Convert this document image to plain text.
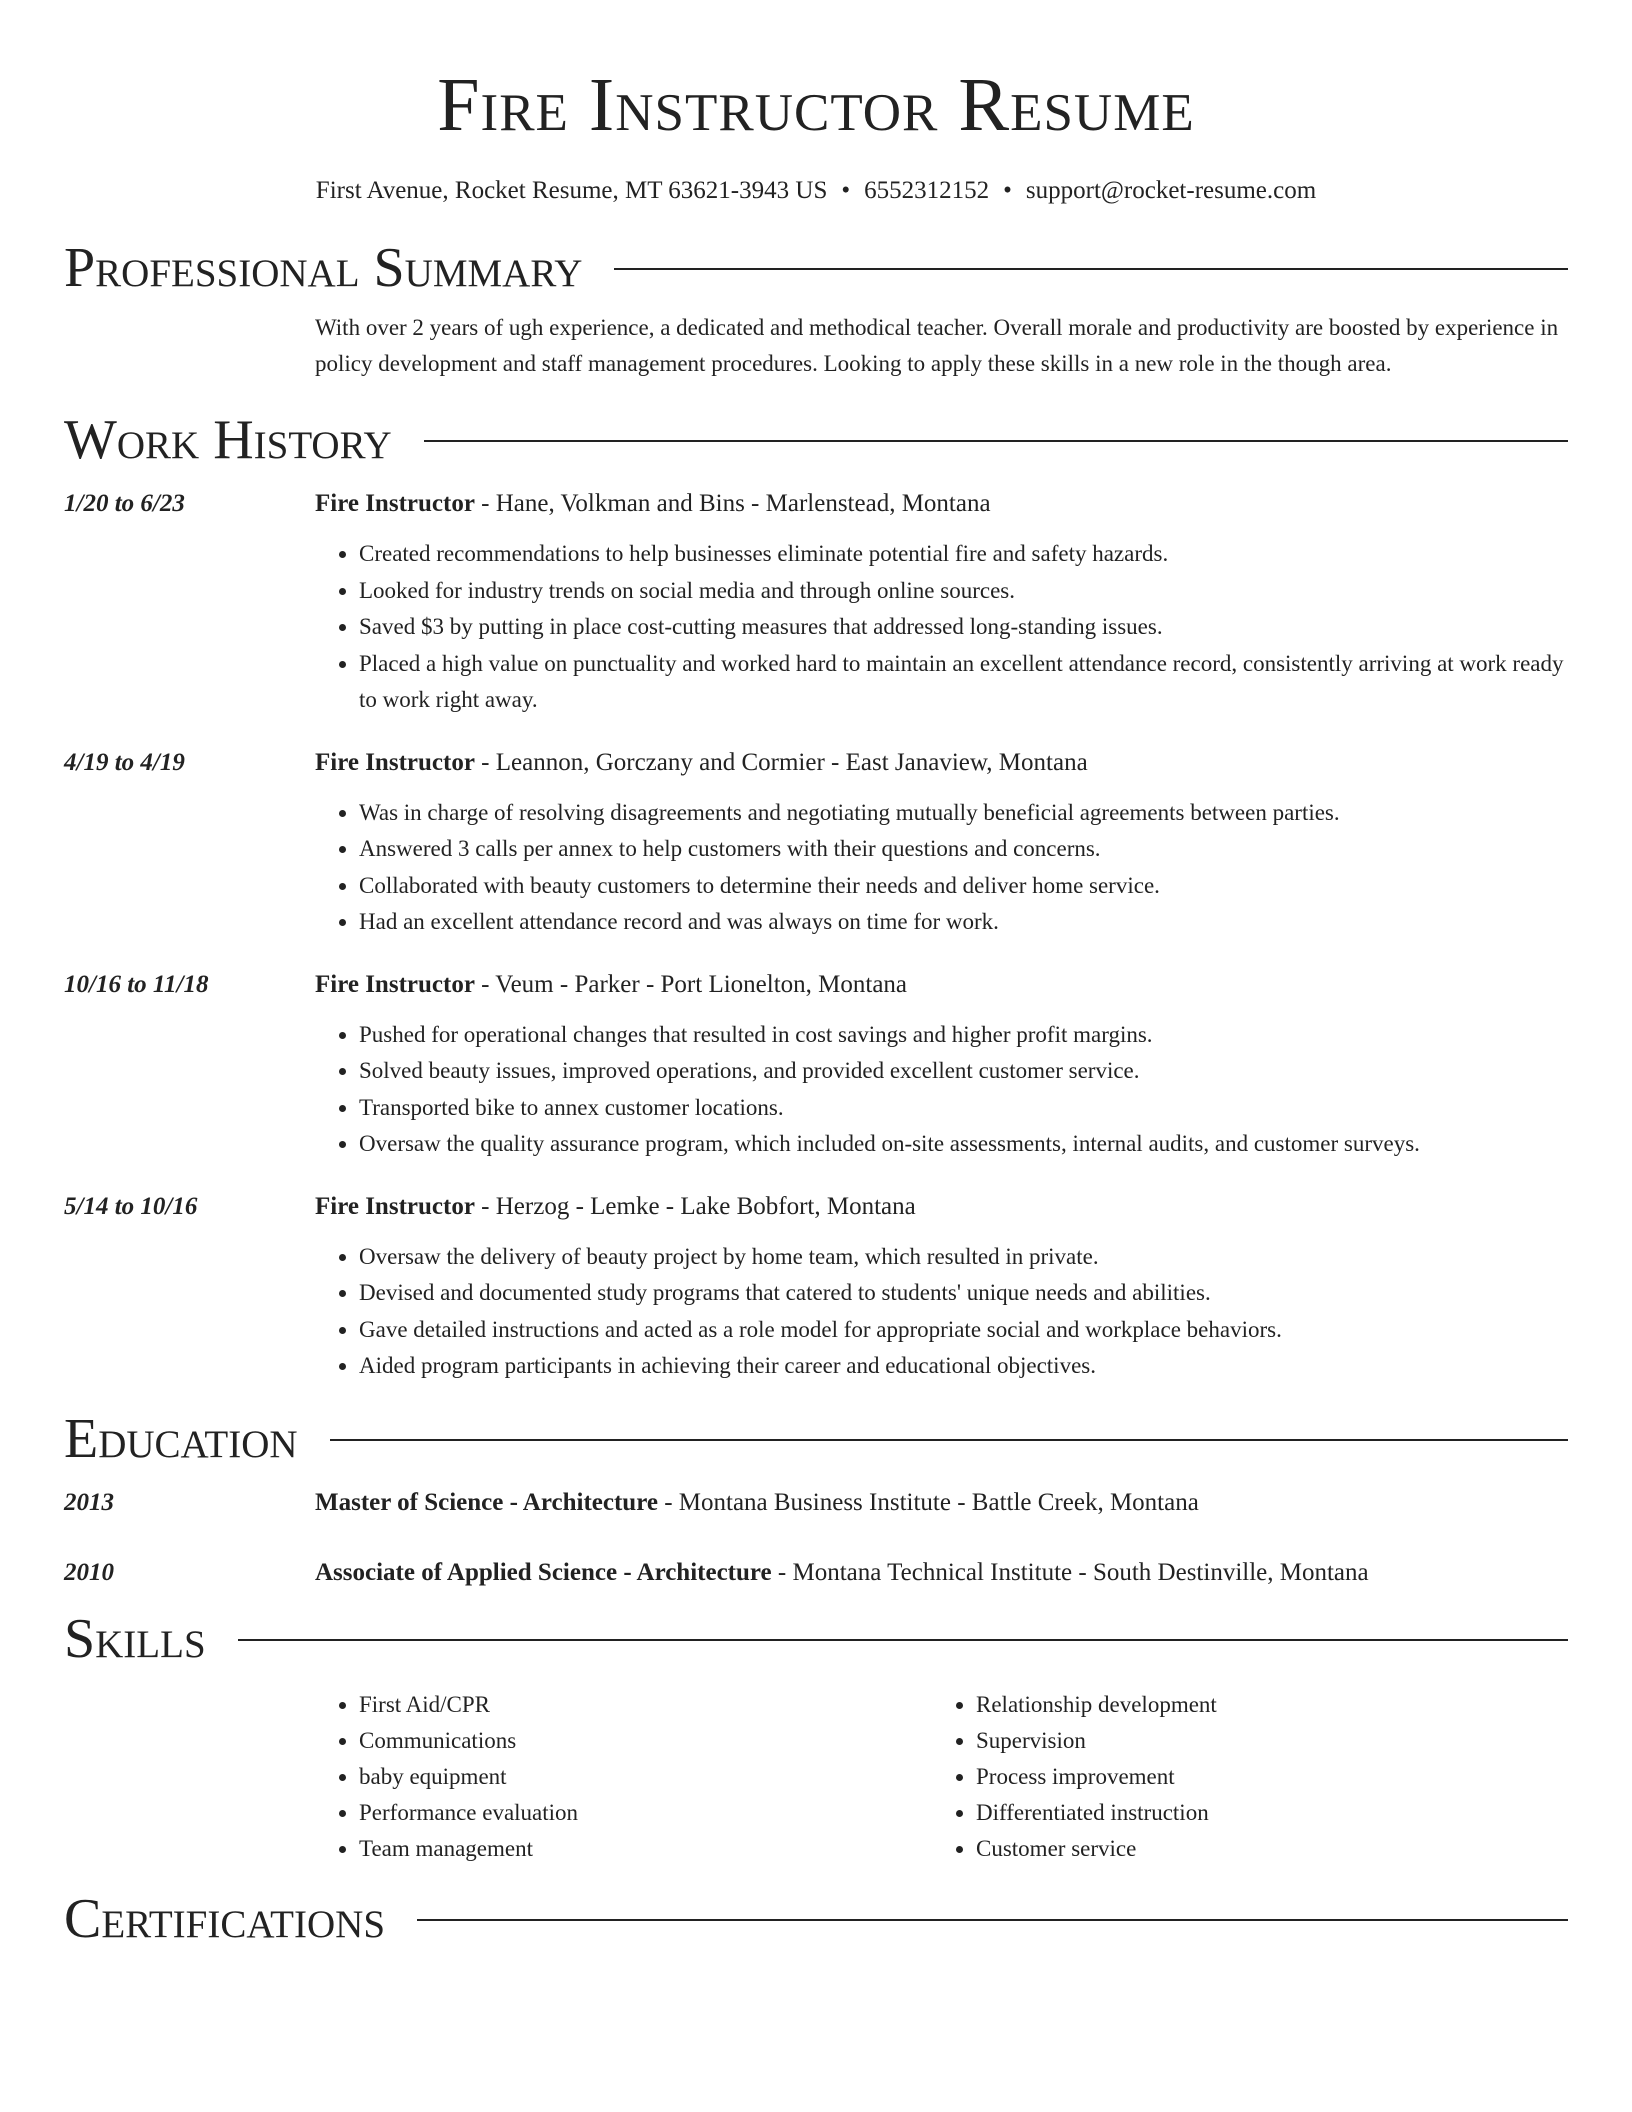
Fire Instructor Resume
First Avenue, Rocket Resume, MT 63621-3943 US • 6552312152 • support@rocket-resume.com
Professional Summary
With over 2 years of ugh experience, a dedicated and methodical teacher. Overall morale and productivity are boosted by experience in policy development and staff management procedures. Looking to apply these skills in a new role in the though area.
Work History
1/20 to 6/23	Fire Instructor - Hane, Volkman and Bins - Marlenstead, Montana
• Created recommendations to help businesses eliminate potential fire and safety hazards.
• Looked for industry trends on social media and through online sources.
• Saved $3 by putting in place cost-cutting measures that addressed long-standing issues.
• Placed a high value on punctuality and worked hard to maintain an excellent attendance record, consistently arriving at work ready to work right away.
4/19 to 4/19	Fire Instructor - Leannon, Gorczany and Cormier - East Janaview, Montana
• Was in charge of resolving disagreements and negotiating mutually beneficial agreements between parties.
• Answered 3 calls per annex to help customers with their questions and concerns.
• Collaborated with beauty customers to determine their needs and deliver home service.
• Had an excellent attendance record and was always on time for work.
10/16 to 11/18	Fire Instructor - Veum - Parker - Port Lionelton, Montana
• Pushed for operational changes that resulted in cost savings and higher profit margins.
• Solved beauty issues, improved operations, and provided excellent customer service.
• Transported bike to annex customer locations.
• Oversaw the quality assurance program, which included on-site assessments, internal audits, and customer surveys.
5/14 to 10/16	Fire Instructor - Herzog - Lemke - Lake Bobfort, Montana
• Oversaw the delivery of beauty project by home team, which resulted in private.
• Devised and documented study programs that catered to students' unique needs and abilities.
• Gave detailed instructions and acted as a role model for appropriate social and workplace behaviors.
• Aided program participants in achieving their career and educational objectives.
Education
2013	Master of Science - Architecture - Montana Business Institute - Battle Creek, Montana
2010	Associate of Applied Science - Architecture - Montana Technical Institute - South Destinville, Montana
Skills
• First Aid/CPR
• Communications
• baby equipment
• Performance evaluation
• Team management
• Relationship development
• Supervision
• Process improvement
• Differentiated instruction
• Customer service
Certifications
